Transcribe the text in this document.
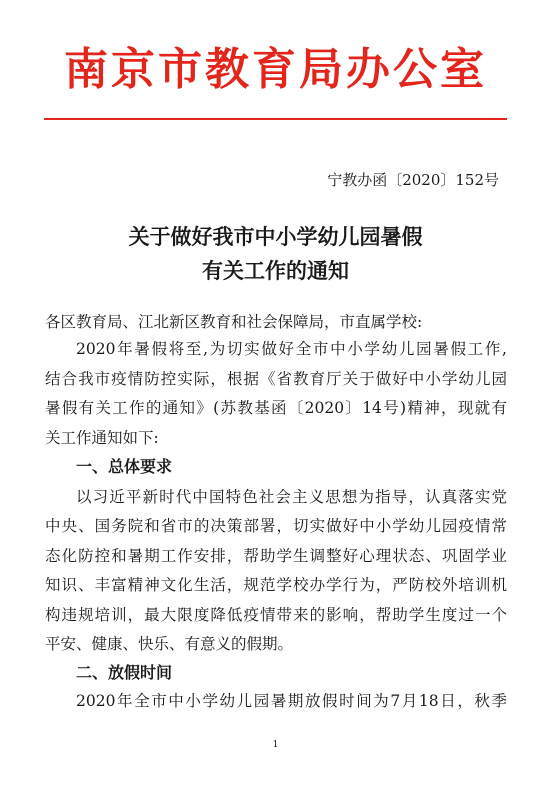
南京市教育局办公室
宁教办函〔2020〕152号
关于做好我市中小学幼儿园暑假
有关工作的通知
各区教育局、江北新区教育和社会保障局，市直属学校:
2020年暑假将至,为切实做好全市中小学幼儿园暑假工作,
结合我市疫情防控实际，根据《省教育厅关于做好中小学幼儿园
暑假有关工作的通知》(苏教基函〔2020〕14号)精神，现就有
关工作通知如下:
一、总体要求
以习近平新时代中国特色社会主义思想为指导，认真落实党
中央、国务院和省市的决策部署，切实做好中小学幼儿园疫情常
态化防控和暑期工作安排，帮助学生调整好心理状态、巩固学业
知识、丰富精神文化生活，规范学校办学行为，严防校外培训机
构违规培训，最大限度降低疫情带来的影响，帮助学生度过一个
平安、健康、快乐、有意义的假期。
二、放假时间
2020年全市中小学幼儿园暑期放假时间为7月18日，秋季
1
